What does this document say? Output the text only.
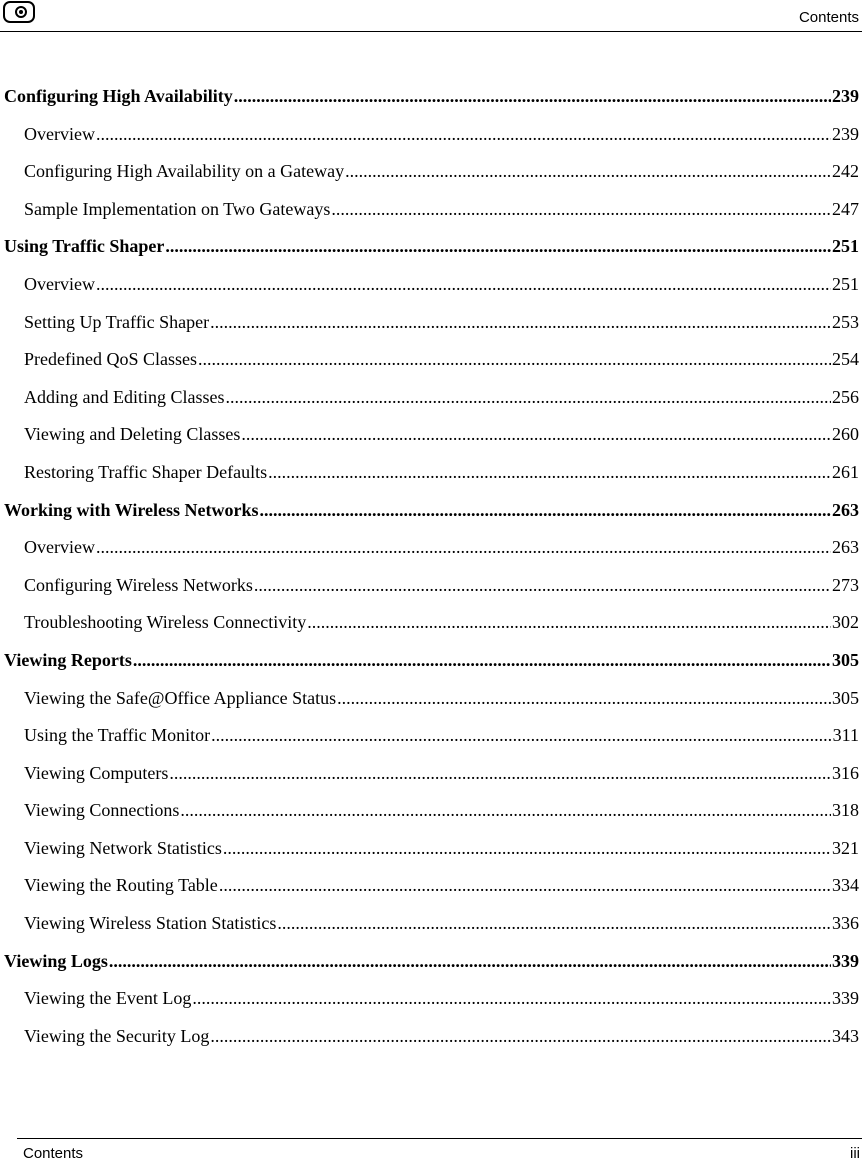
Contents
Configuring High Availability .....	239
Overview .....	239
Configuring High Availability on a Gateway .....	242
Sample Implementation on Two Gateways .....	247
Using Traffic Shaper .....	251
Overview .....	251
Setting Up Traffic Shaper .....	253
Predefined QoS Classes .....	254
Adding and Editing Classes .....	256
Viewing and Deleting Classes .....	260
Restoring Traffic Shaper Defaults .....	261
Working with Wireless Networks .....	263
Overview .....	263
Configuring Wireless Networks .....	273
Troubleshooting Wireless Connectivity .....	302
Viewing Reports .....	305
Viewing the Safe@Office Appliance Status .....	305
Using the Traffic Monitor .....	311
Viewing Computers .....	316
Viewing Connections .....	318
Viewing Network Statistics .....	321
Viewing the Routing Table .....	334
Viewing Wireless Station Statistics .....	336
Viewing Logs .....	339
Viewing the Event Log .....	339
Viewing the Security Log .....	343
Contents	iii
